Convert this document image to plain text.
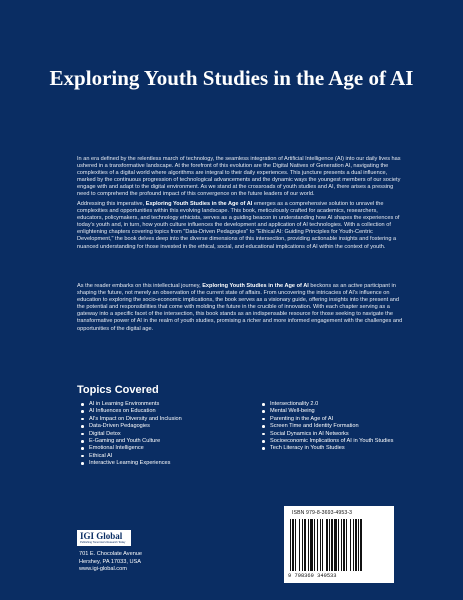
Exploring Youth Studies in the Age of AI

In an era defined by the relentless march of technology, the seamless integration of Artificial Intelligence (AI) into our daily lives has ushered in a transformative landscape. At the forefront of this evolution are the Digital Natives of Generation AI, navigating the complexities of a digital world where algorithms are integral to their daily experiences. This juncture presents a dual influence, marked by the continuous progression of technological advancements and the dynamic ways the youngest members of our society engage with and adapt to the digital environment. As we stand at the crossroads of youth studies and AI, there arises a pressing need to comprehend the profound impact of this convergence on the future leaders of our world.

Addressing this imperative, Exploring Youth Studies in the Age of AI emerges as a comprehensive solution to unravel the complexities and opportunities within this evolving landscape. This book, meticulously crafted for academics, researchers, educators, policymakers, and technology ethicists, serves as a guiding beacon in understanding how AI shapes the experiences of today's youth and, in turn, how youth culture influences the development and application of AI technologies. With a collection of enlightening chapters covering topics from "Data-Driven Pedagogies" to "Ethical AI: Guiding Principles for Youth-Centric Development," the book delves deep into the diverse dimensions of this intersection, providing actionable insights and fostering a nuanced understanding for those invested in the ethical, social, and educational implications of AI within the context of youth.

As the reader embarks on this intellectual journey, Exploring Youth Studies in the Age of AI beckons as an active participant in shaping the future, not merely an observation of the current state of affairs. From uncovering the intricacies of AI's influence on education to exploring the socio-economic implications, the book serves as a visionary guide, offering insights into the present and the potential and responsibilities that come with molding the future in the crucible of innovation. With each chapter serving as a gateway into a specific facet of the intersection, this book stands as an indispensable resource for those seeking to navigate the transformative power of AI in the realm of youth studies, promising a richer and more informed engagement with the challenges and opportunities of the digital age.

Topics Covered
AI in Learning Environments
AI Influences on Education
AI's Impact on Diversity and Inclusion
Data-Driven Pedagogies
Digital Detox
E-Gaming and Youth Culture
Emotional Intelligence
Ethical AI
Interactive Learning Experiences
Intersectionality 2.0
Mental Well-being
Parenting in the Age of AI
Screen Time and Identity Formation
Social Dynamics in AI Networks
Socioeconomic Implications of AI in Youth Studies
Tech Literacy in Youth Studies
IGI Global
Publishing Tomorrow's Research Today
701 E. Chocolate Avenue
Hershey, PA 17033, USA
www.igi-global.com
ISBN 979-8-3693-4953-3
9 798369 349533
